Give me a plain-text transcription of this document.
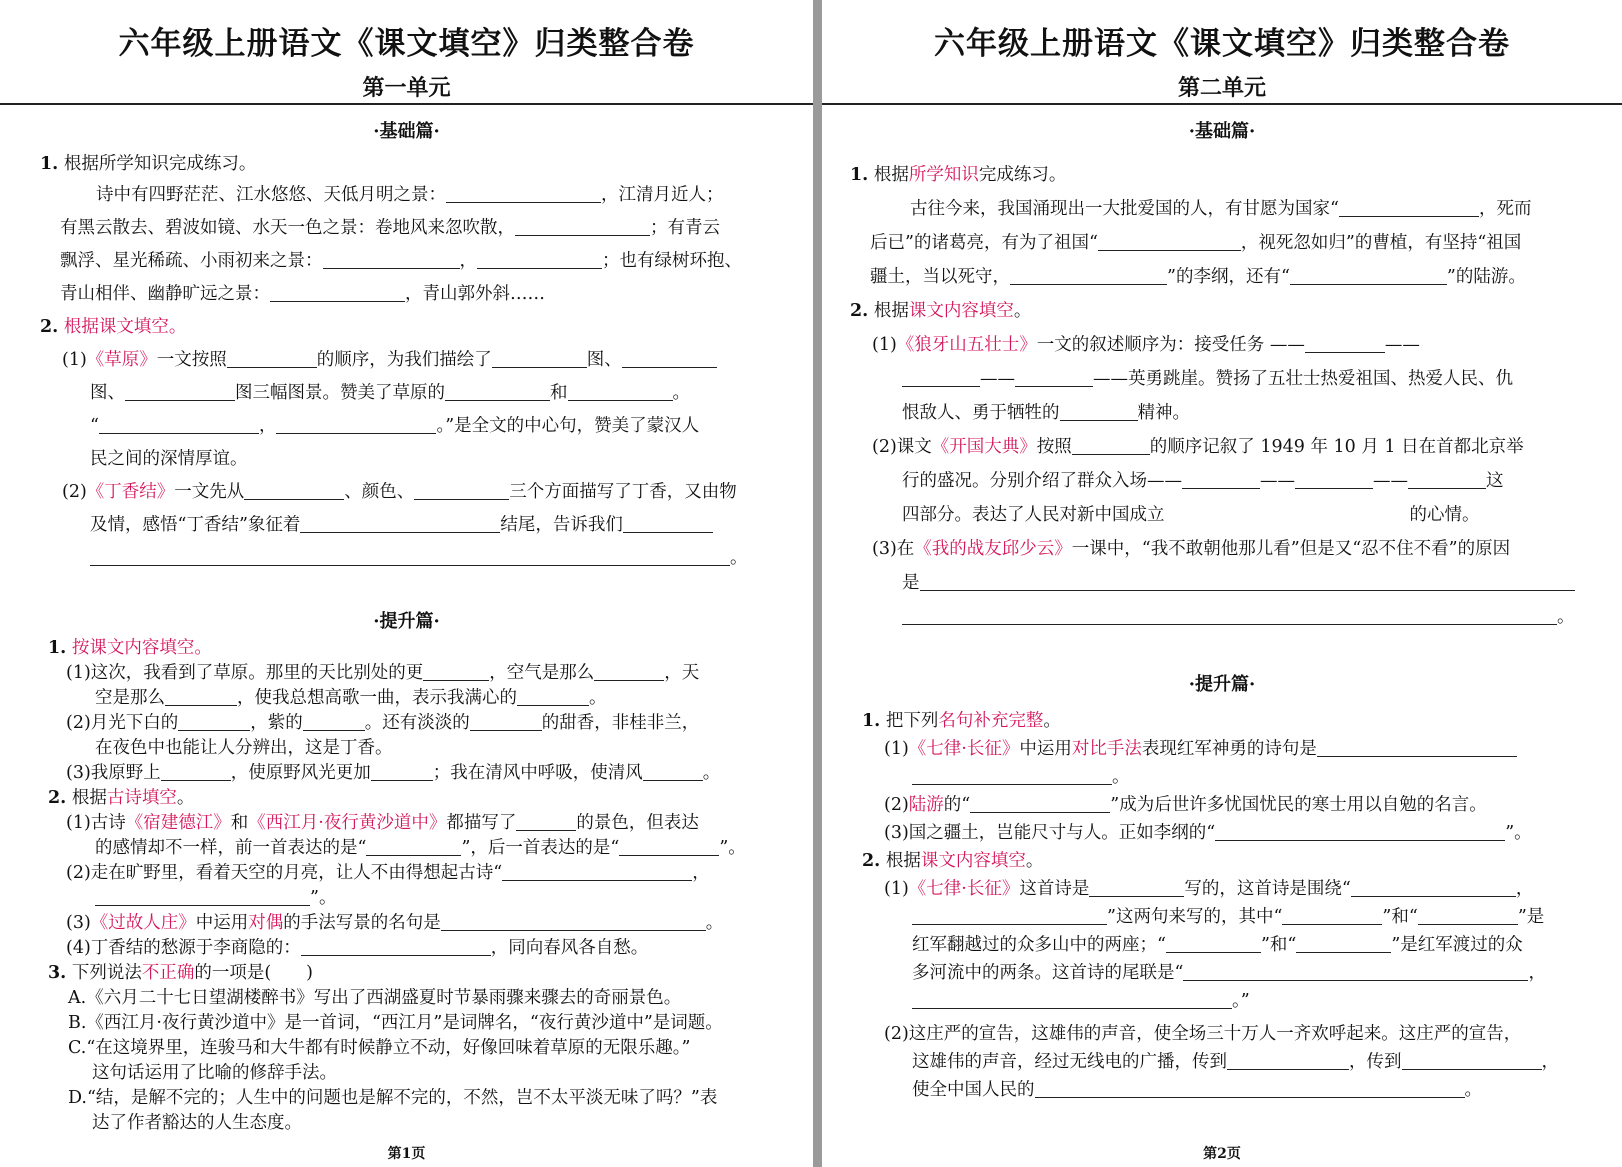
六年级上册语文《课文填空》归类整合卷
第一单元
·基础篇·
1. 根据所学知识完成练习。
诗中有四野茫茫、江水悠悠、天低月明之景：	，江清月近人；
有黑云散去、碧波如镜、水天一色之景：卷地风来忽吹散，	；有青云
飘浮、星光稀疏、小雨初来之景：	，	；也有绿树环抱、
青山相伴、幽静旷远之景：	，青山郭外斜……
2. 根据课文填空。
(1)《草原》一文按照	的顺序，为我们描绘了	图、
图、	图三幅图景。赞美了草原的	和	。
“	，	。”是全文的中心句，赞美了蒙汉人
民之间的深情厚谊。
(2)《丁香结》一文先从	、颜色、	三个方面描写了丁香，又由物
及情，感悟“丁香结”象征着	结尾，告诉我们
。
·提升篇·
1. 按课文内容填空。
(1)这次，我看到了草原。那里的天比别处的更	，空气是那么	，天
空是那么	，使我总想高歌一曲，表示我满心的	。
(2)月光下白的	，紫的	。还有淡淡的	的甜香，非桂非兰，
在夜色中也能让人分辨出，这是丁香。
(3)我原野上	，使原野风光更加	；我在清风中呼吸，使清风	。
2. 根据古诗填空。
(1)古诗《宿建德江》和《西江月·夜行黄沙道中》都描写了	的景色，但表达
的感情却不一样，前一首表达的是“	”，后一首表达的是“	”。
(2)走在旷野里，看着天空的月亮，让人不由得想起古诗“	，
”。
(3)《过故人庄》中运用对偶的手法写景的名句是	。
(4)丁香结的愁源于李商隐的：	，同向春风各自愁。
3. 下列说法不正确的一项是(　　)
A.《六月二十七日望湖楼醉书》写出了西湖盛夏时节暴雨骤来骤去的奇丽景色。
B.《西江月·夜行黄沙道中》是一首词，“西江月”是词牌名，“夜行黄沙道中”是词题。
C.“在这境界里，连骏马和大牛都有时候静立不动，好像回味着草原的无限乐趣。”
这句话运用了比喻的修辞手法。
D.“结，是解不完的；人生中的问题也是解不完的，不然，岂不太平淡无味了吗？”表
达了作者豁达的人生态度。
第1页
六年级上册语文《课文填空》归类整合卷
第二单元
·基础篇·
1. 根据所学知识完成练习。
古往今来，我国涌现出一大批爱国的人，有甘愿为国家“	，死而
后已”的诸葛亮，有为了祖国“	，视死忽如归”的曹植，有坚持“祖国
疆土，当以死守，	”的李纲，还有“	”的陆游。
2. 根据课文内容填空。
(1)《狼牙山五壮士》一文的叙述顺序为：接受任务 ——	——
——	——英勇跳崖。赞扬了五壮士热爱祖国、热爱人民、仇
恨敌人、勇于牺牲的	精神。
(2)课文《开国大典》按照	的顺序记叙了 1949 年 10 月 1 日在首都北京举
行的盛况。分别介绍了群众入场——	——	——	这
四部分。表达了人民对新中国成立	的心情。
(3)在《我的战友邱少云》一课中，“我不敢朝他那儿看”但是又“忍不住不看”的原因
是
。
·提升篇·
1. 把下列名句补充完整。
(1)《七律·长征》中运用对比手法表现红军神勇的诗句是
。
(2)陆游的“	”成为后世许多忧国忧民的寒士用以自勉的名言。
(3)国之疆土，岂能尺寸与人。正如李纲的“	”。
2. 根据课文内容填空。
(1)《七律·长征》这首诗是	写的，这首诗是围绕“	，
”这两句来写的，其中“	”和“	”是
红军翻越过的众多山中的两座；“	”和“	”是红军渡过的众
多河流中的两条。这首诗的尾联是“	，
。”
(2)这庄严的宣告，这雄伟的声音，使全场三十万人一齐欢呼起来。这庄严的宣告，
这雄伟的声音，经过无线电的广播，传到	，传到	，
使全中国人民的	。
第2页
